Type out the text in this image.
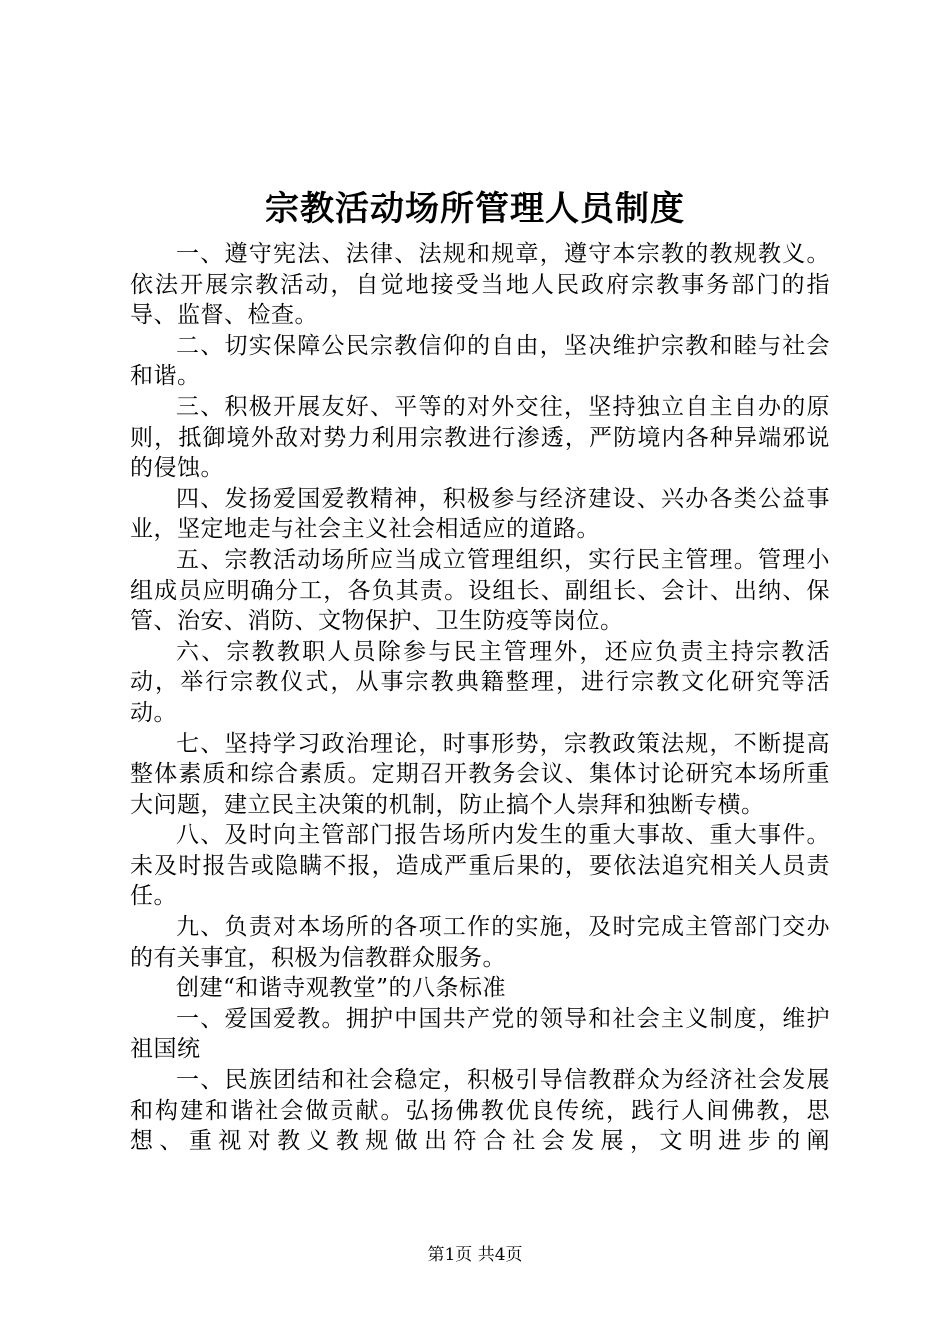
宗教活动场所管理人员制度

一、遵守宪法、法律、法规和规章，遵守本宗教的教规教义。依法开展宗教活动，自觉地接受当地人民政府宗教事务部门的指导、监督、检查。

二、切实保障公民宗教信仰的自由，坚决维护宗教和睦与社会和谐。

三、积极开展友好、平等的对外交往，坚持独立自主自办的原则，抵御境外敌对势力利用宗教进行渗透，严防境内各种异端邪说的侵蚀。

四、发扬爱国爱教精神，积极参与经济建设、兴办各类公益事业，坚定地走与社会主义社会相适应的道路。

五、宗教活动场所应当成立管理组织，实行民主管理。管理小组成员应明确分工，各负其责。设组长、副组长、会计、出纳、保管、治安、消防、文物保护、卫生防疫等岗位。

六、宗教教职人员除参与民主管理外，还应负责主持宗教活动，举行宗教仪式，从事宗教典籍整理，进行宗教文化研究等活动。

七、坚持学习政治理论，时事形势，宗教政策法规，不断提高整体素质和综合素质。定期召开教务会议、集体讨论研究本场所重大问题，建立民主决策的机制，防止搞个人崇拜和独断专横。

八、及时向主管部门报告场所内发生的重大事故、重大事件。未及时报告或隐瞒不报，造成严重后果的，要依法追究相关人员责任。

九、负责对本场所的各项工作的实施，及时完成主管部门交办的有关事宜，积极为信教群众服务。

创建“和谐寺观教堂”的八条标准

一、爱国爱教。拥护中国共产党的领导和社会主义制度，维护祖国统

一、民族团结和社会稳定，积极引导信教群众为经济社会发展和构建和谐社会做贡献。弘扬佛教优良传统，践行人间佛教，思想、重视对教义教规做出符合社会发展，文明进步的阐

第1页 共4页
